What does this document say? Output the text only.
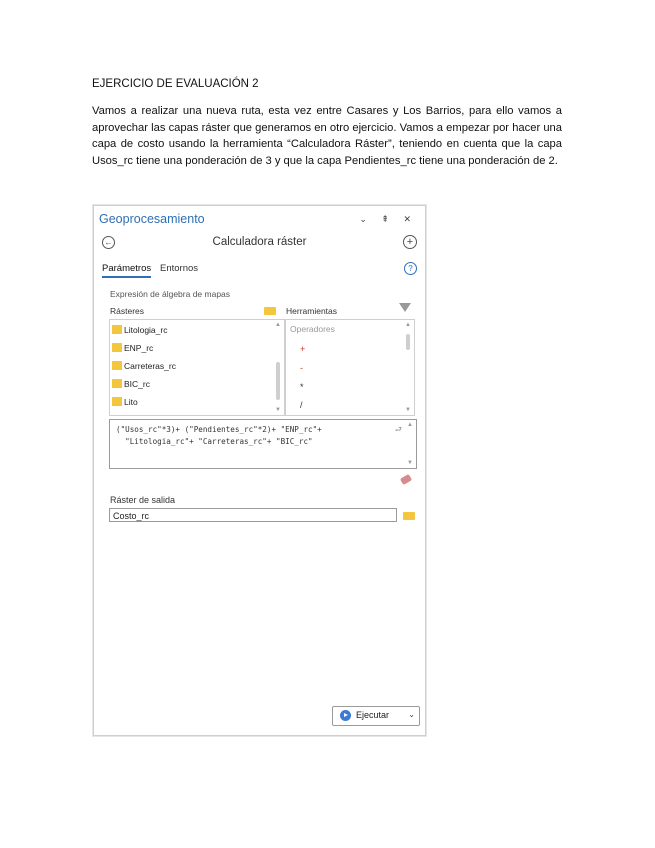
EJERCICIO DE EVALUACIÓN 2
Vamos a realizar una nueva ruta, esta vez entre Casares y Los Barrios, para ello vamos a aprovechar las capas ráster que generamos en otro ejercicio. Vamos a empezar por hacer una capa de costo usando la herramienta “Calculadora Ráster”, teniendo en cuenta que la capa Usos_rc tiene una ponderación de 3 y que la capa Pendientes_rc tiene una ponderación de 2.
Geoprocesamiento	⌄ ⇞ ✕
←	Calculadora ráster	+
Parámetros Entornos	?
Expresión de álgebra de mapas
Rásteres	Herramientas
Litologia_rc
ENP_rc
Carreteras_rc
BIC_rc
Lito
▲
▼
Operadores
+
-
*
/
▲
▼
("Usos_rc"*3)+ ("Pendientes_rc"*2)+ "ENP_rc"+
"Litologia_rc"+ "Carreteras_rc"+ "BIC_rc"
⮐ ▲
▼
Ráster de salida
Costo_rc
Ejecutar ⌄
